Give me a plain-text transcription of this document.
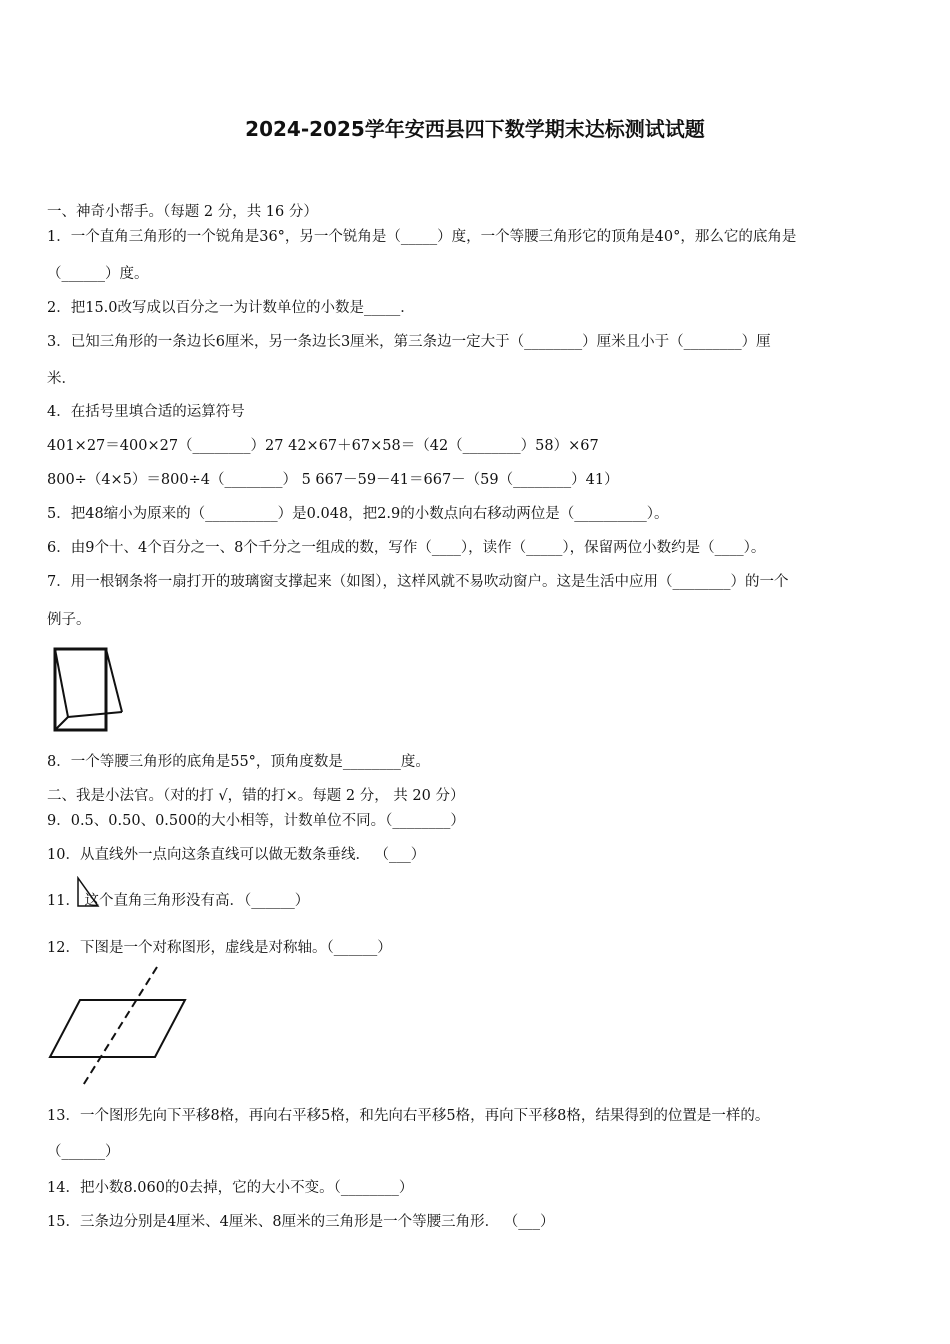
2024-2025学年安西县四下数学期末达标测试试题
一、神奇小帮手。（每题 2 分，共 16 分）
1．一个直角三角形的一个锐角是36°，另一个锐角是（_____）度，一个等腰三角形它的顶角是40°，那么它的底角是
（______）度。
2．把15.0改写成以百分之一为计数单位的小数是_____．
3．已知三角形的一条边长6厘米，另一条边长3厘米，第三条边一定大于（________）厘米且小于（________）厘
米．
4．在括号里填合适的运算符号
401×27＝400×27（________）27 42×67＋67×58＝（42（________）58）×67
800÷（4×5）＝800÷4（________） 5 667－59－41＝667－（59（________）41）
5．把48缩小为原来的（__________）是0.048，把2.9的小数点向右移动两位是（__________）。
6．由9个十、4个百分之一、8个千分之一组成的数，写作（____），读作（_____），保留两位小数约是（____）。
7．用一根钢条将一扇打开的玻璃窗支撑起来（如图），这样风就不易吹动窗户。这是生活中应用（________）的一个
例子。
8．一个等腰三角形的底角是55°，顶角度数是________度。
二、我是小法官。（对的打 √，错的打×。每题 2 分， 共 20 分）
9．0.5、0.50、0.500的大小相等，计数单位不同。（________）
10．从直线外一点向这条直线可以做无数条垂线． （___）
11． 这个直角三角形没有高．（______）
12．下图是一个对称图形，虚线是对称轴。（______）
13．一个图形先向下平移8格，再向右平移5格，和先向右平移5格，再向下平移8格，结果得到的位置是一样的。
（______）
14．把小数8.060的0去掉，它的大小不变。（________）
15．三条边分别是4厘米、4厘米、8厘米的三角形是一个等腰三角形． （___）
